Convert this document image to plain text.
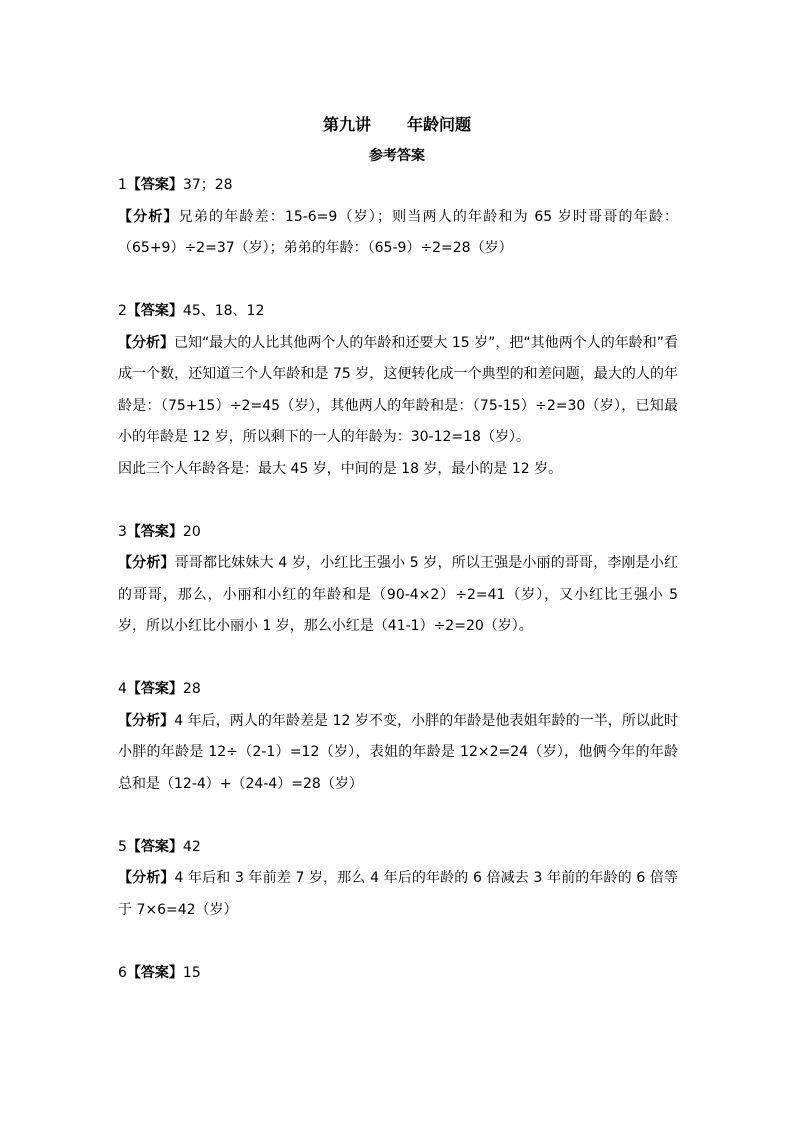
第九讲 年龄问题
参考答案

1【答案】37；28

【分析】兄弟的年龄差：15-6=9（岁）；则当两人的年龄和为 65 岁时哥哥的年龄：（65+9）÷2=37（岁）；弟弟的年龄：（65-9）÷2=28（岁）

2【答案】45、18、12

【分析】已知“最大的人比其他两个人的年龄和还要大 15 岁”，把“其他两个人的年龄和”看成一个数，还知道三个人年龄和是 75 岁，这便转化成一个典型的和差问题，最大的人的年龄是：（75+15）÷2=45（岁），其他两人的年龄和是：（75-15）÷2=30（岁），已知最小的年龄是 12 岁，所以剩下的一人的年龄为：30-12=18（岁）。

因此三个人年龄各是：最大 45 岁，中间的是 18 岁，最小的是 12 岁。

3【答案】20

【分析】哥哥都比妹妹大 4 岁，小红比王强小 5 岁，所以王强是小丽的哥哥，李刚是小红的哥哥，那么，小丽和小红的年龄和是（90-4×2）÷2=41（岁），又小红比王强小 5 岁，所以小红比小丽小 1 岁，那么小红是（41-1）÷2=20（岁）。

4【答案】28

【分析】4 年后，两人的年龄差是 12 岁不变，小胖的年龄是他表姐年龄的一半，所以此时小胖的年龄是 12÷（2-1）=12（岁），表姐的年龄是 12×2=24（岁），他俩今年的年龄总和是（12-4）+（24-4）=28（岁）

5【答案】42

【分析】4 年后和 3 年前差 7 岁，那么 4 年后的年龄的 6 倍减去 3 年前的年龄的 6 倍等于 7×6=42（岁）

6【答案】15
